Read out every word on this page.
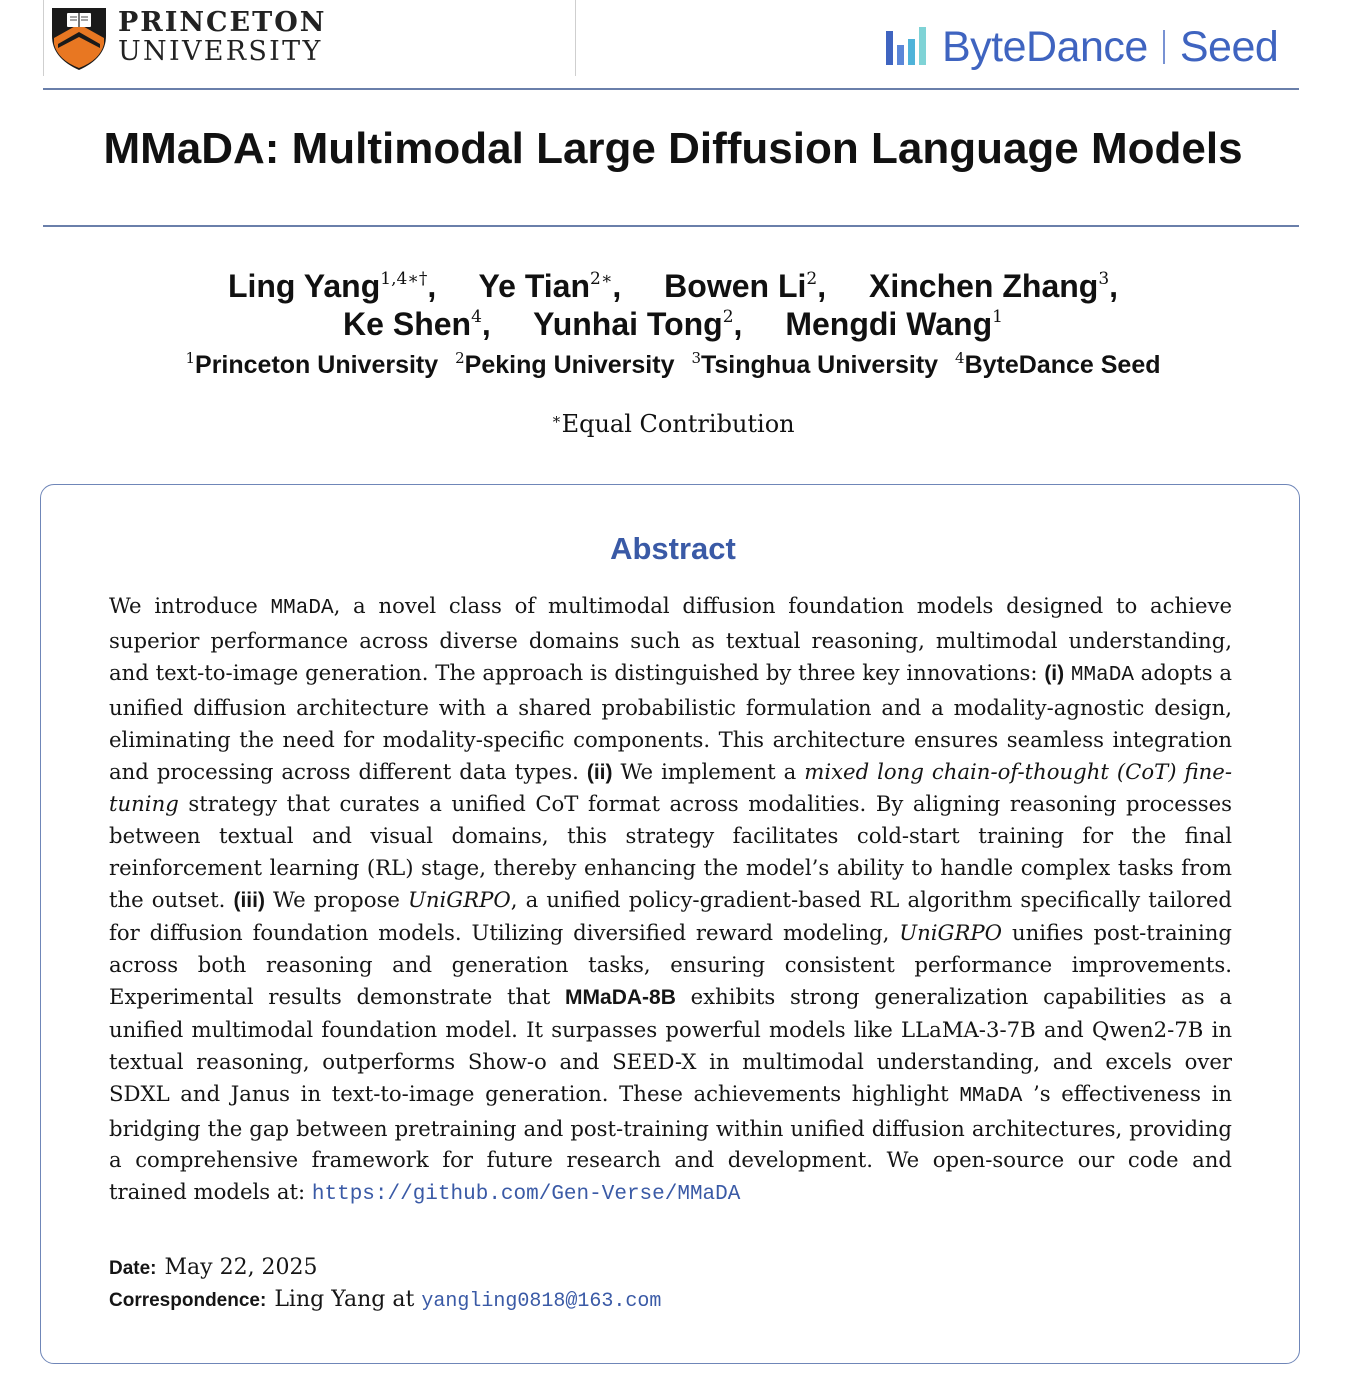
PRINCETON
UNIVERSITY	ByteDance Seed
MMaDA: Multimodal Large Diffusion Language Models
Ling Yang$^{1,4∗\dagger}$, Ye Tian$^{2∗}$, Bowen Li$^2$, Xinchen Zhang$^3$,
Ke Shen$^4$, Yunhai Tong$^2$, Mengdi Wang$^1$
$^1$Princeton University $^2$Peking University $^3$Tsinghua University $^4$ByteDance Seed
∗Equal Contribution
Abstract
We introduce MMaDA, a novel class of multimodal diffusion foundation models designed to achieve superior performance across diverse domains such as textual reasoning, multimodal understanding, and text-to-image generation. The approach is distinguished by three key innovations: (i) MMaDA adopts a unified diffusion architecture with a shared probabilistic formulation and a modality-agnostic design, eliminating the need for modality-specific components. This architecture ensures seamless integration and processing across different data types. (ii) We implement a mixed long chain-of-thought (CoT) fine-tuning strategy that curates a unified CoT format across modalities. By aligning reasoning processes between textual and visual domains, this strategy facilitates cold-start training for the final reinforcement learning (RL) stage, thereby enhancing the model’s ability to handle complex tasks from the outset. (iii) We propose UniGRPO, a unified policy-gradient-based RL algorithm specifically tailored for diffusion foundation models. Utilizing diversified reward modeling, UniGRPO unifies post-training across both reasoning and generation tasks, ensuring consistent performance improvements. Experimental results demonstrate that MMaDA-8B exhibits strong generalization capabilities as a unified multimodal foundation model. It surpasses powerful models like LLaMA-3-7B and Qwen2-7B in textual reasoning, outperforms Show-o and SEED-X in multimodal understanding, and excels over SDXL and Janus in text-to-image generation. These achievements highlight MMaDA ’s effectiveness in bridging the gap between pretraining and post-training within unified diffusion architectures, providing a comprehensive framework for future research and development. We open-source our code and trained models at: https://github.com/Gen-Verse/MMaDA
Date: May 22, 2025
Correspondence: Ling Yang at yangling0818@163.com
